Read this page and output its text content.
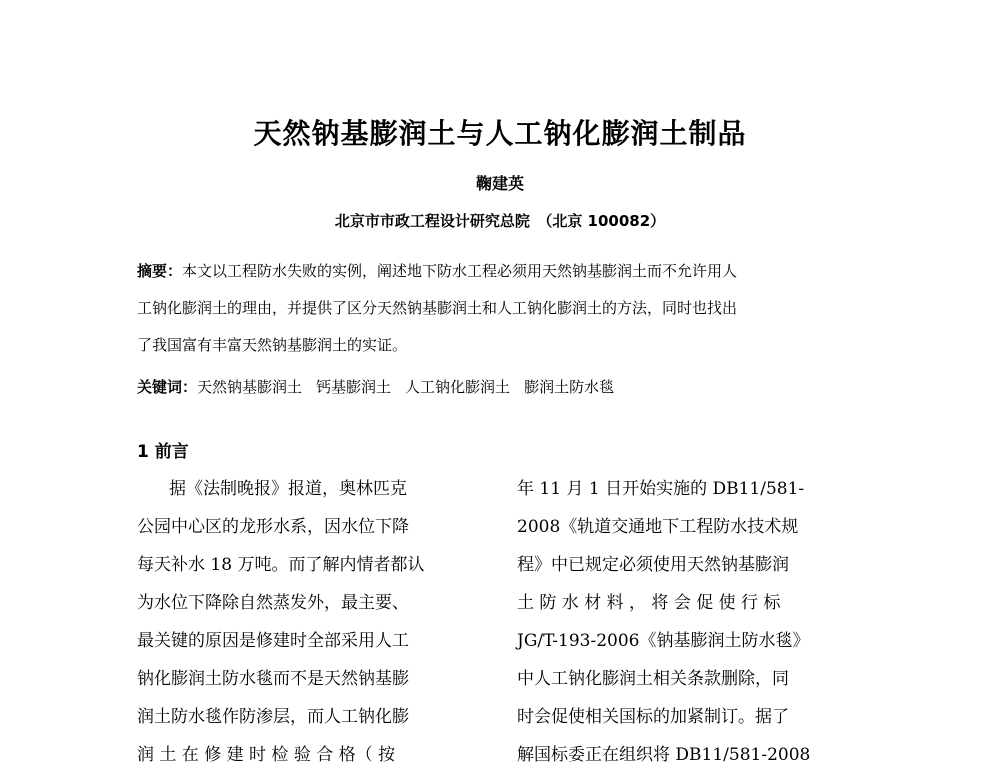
天然钠基膨润土与人工钠化膨润土制品
鞠建英
北京市市政工程设计研究总院　（北京 100082）
摘要：本文以工程防水失败的实例，阐述地下防水工程必须用天然钠基膨润土而不允许用人
工钠化膨润土的理由，并提供了区分天然钠基膨润土和人工钠化膨润土的方法，同时也找出
了我国富有丰富天然钠基膨润土的实证。
关键词：天然钠基膨润土 钙基膨润土 人工钠化膨润土 膨润土防水毯
1 前言
据《法制晚报》报道，奥林匹克
公园中心区的龙形水系，因水位下降
每天补水 18 万吨。而了解内情者都认
为水位下降除自然蒸发外，最主要、
最关键的原因是修建时全部采用人工
钠化膨润土防水毯而不是天然钠基膨
润土防水毯作防渗层，而人工钠化膨
润 土 在 修 建 时 检 验 合 格（ 按
年 11 月 1 日开始实施的 DB11/581-
2008《轨道交通地下工程防水技术规
程》中已规定必须使用天然钠基膨润
土 防 水 材 料 ， 将 会 促 使 行 标
JG/T-193-2006《钠基膨润土防水毯》
中人工钠化膨润土相关条款删除，同
时会促使相关国标的加紧制订。据了
解国标委正在组织将 DB11/581-2008
